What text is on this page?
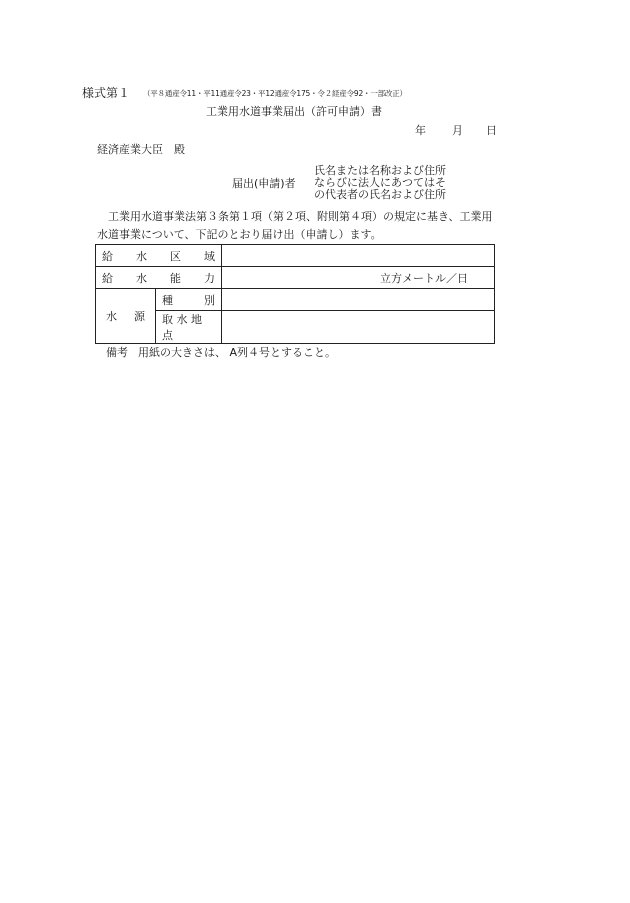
様式第１ （平８通産令11・平11通産令23・平12通産令175・令２経産令92・一部改正）
工業用水道事業届出（許可申請）書
年 月 日
経済産業大臣　殿
届出(申請)者
氏名または名称および住所
ならびに法人にあつてはそ
の代表者の氏名および住所
工業用水道事業法第３条第１項（第２項、附則第４項）の規定に基き、工業用
水道事業について、下記のとおり届け出（申請し）ます。
給 水 区 域		

給 水 能 力		立方メートル／日

水 源	種 別	

	取 水 地 点	
備考 用紙の大きさは、 A列４号とすること。
